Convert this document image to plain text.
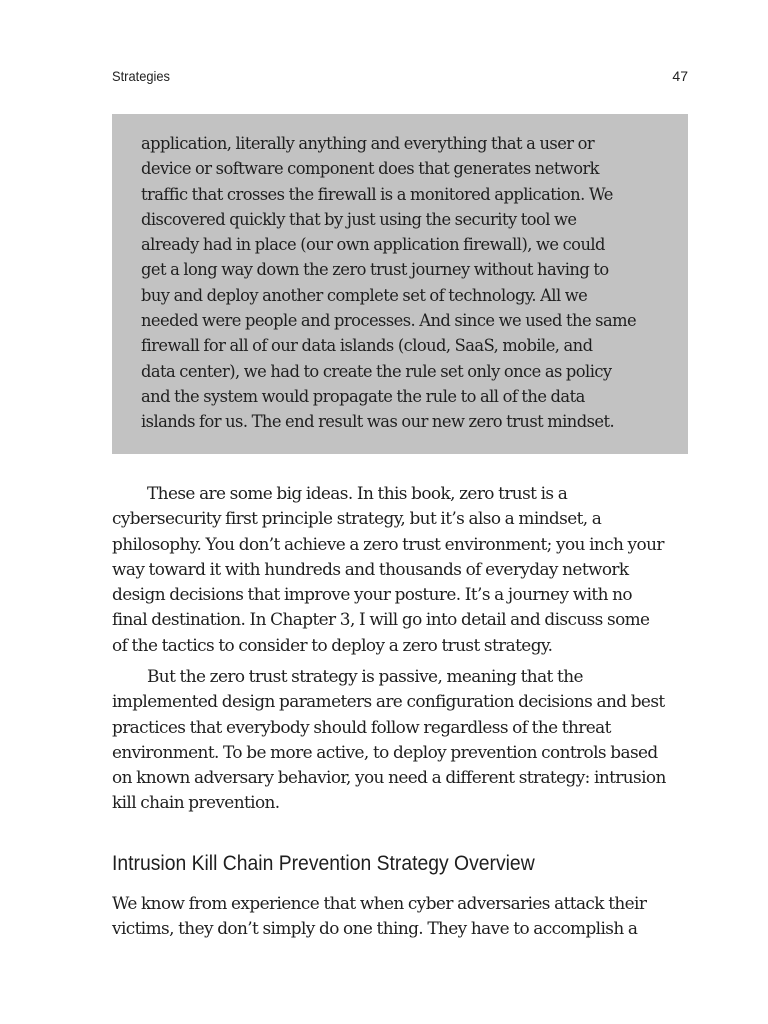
Strategies	47

application, literally anything and everything that a user or
device or software component does that generates network
traffic that crosses the firewall is a monitored application. We
discovered quickly that by just using the security tool we
already had in place (our own application firewall), we could
get a long way down the zero trust journey without having to
buy and deploy another complete set of technology. All we
needed were people and processes. And since we used the same
firewall for all of our data islands (cloud, SaaS, mobile, and
data center), we had to create the rule set only once as policy
and the system would propagate the rule to all of the data
islands for us. The end result was our new zero trust mindset.

These are some big ideas. In this book, zero trust is a
cybersecurity first principle strategy, but it’s also a mindset, a
philosophy. You don’t achieve a zero trust environment; you inch your
way toward it with hundreds and thousands of everyday network
design decisions that improve your posture. It’s a journey with no
final destination. In Chapter 3, I will go into detail and discuss some
of the tactics to consider to deploy a zero trust strategy.
But the zero trust strategy is passive, meaning that the
implemented design parameters are configuration decisions and best
practices that everybody should follow regardless of the threat
environment. To be more active, to deploy prevention controls based
on known adversary behavior, you need a different strategy: intrusion
kill chain prevention.
Intrusion Kill Chain Prevention Strategy Overview
We know from experience that when cyber adversaries attack their
victims, they don’t simply do one thing. They have to accomplish a
